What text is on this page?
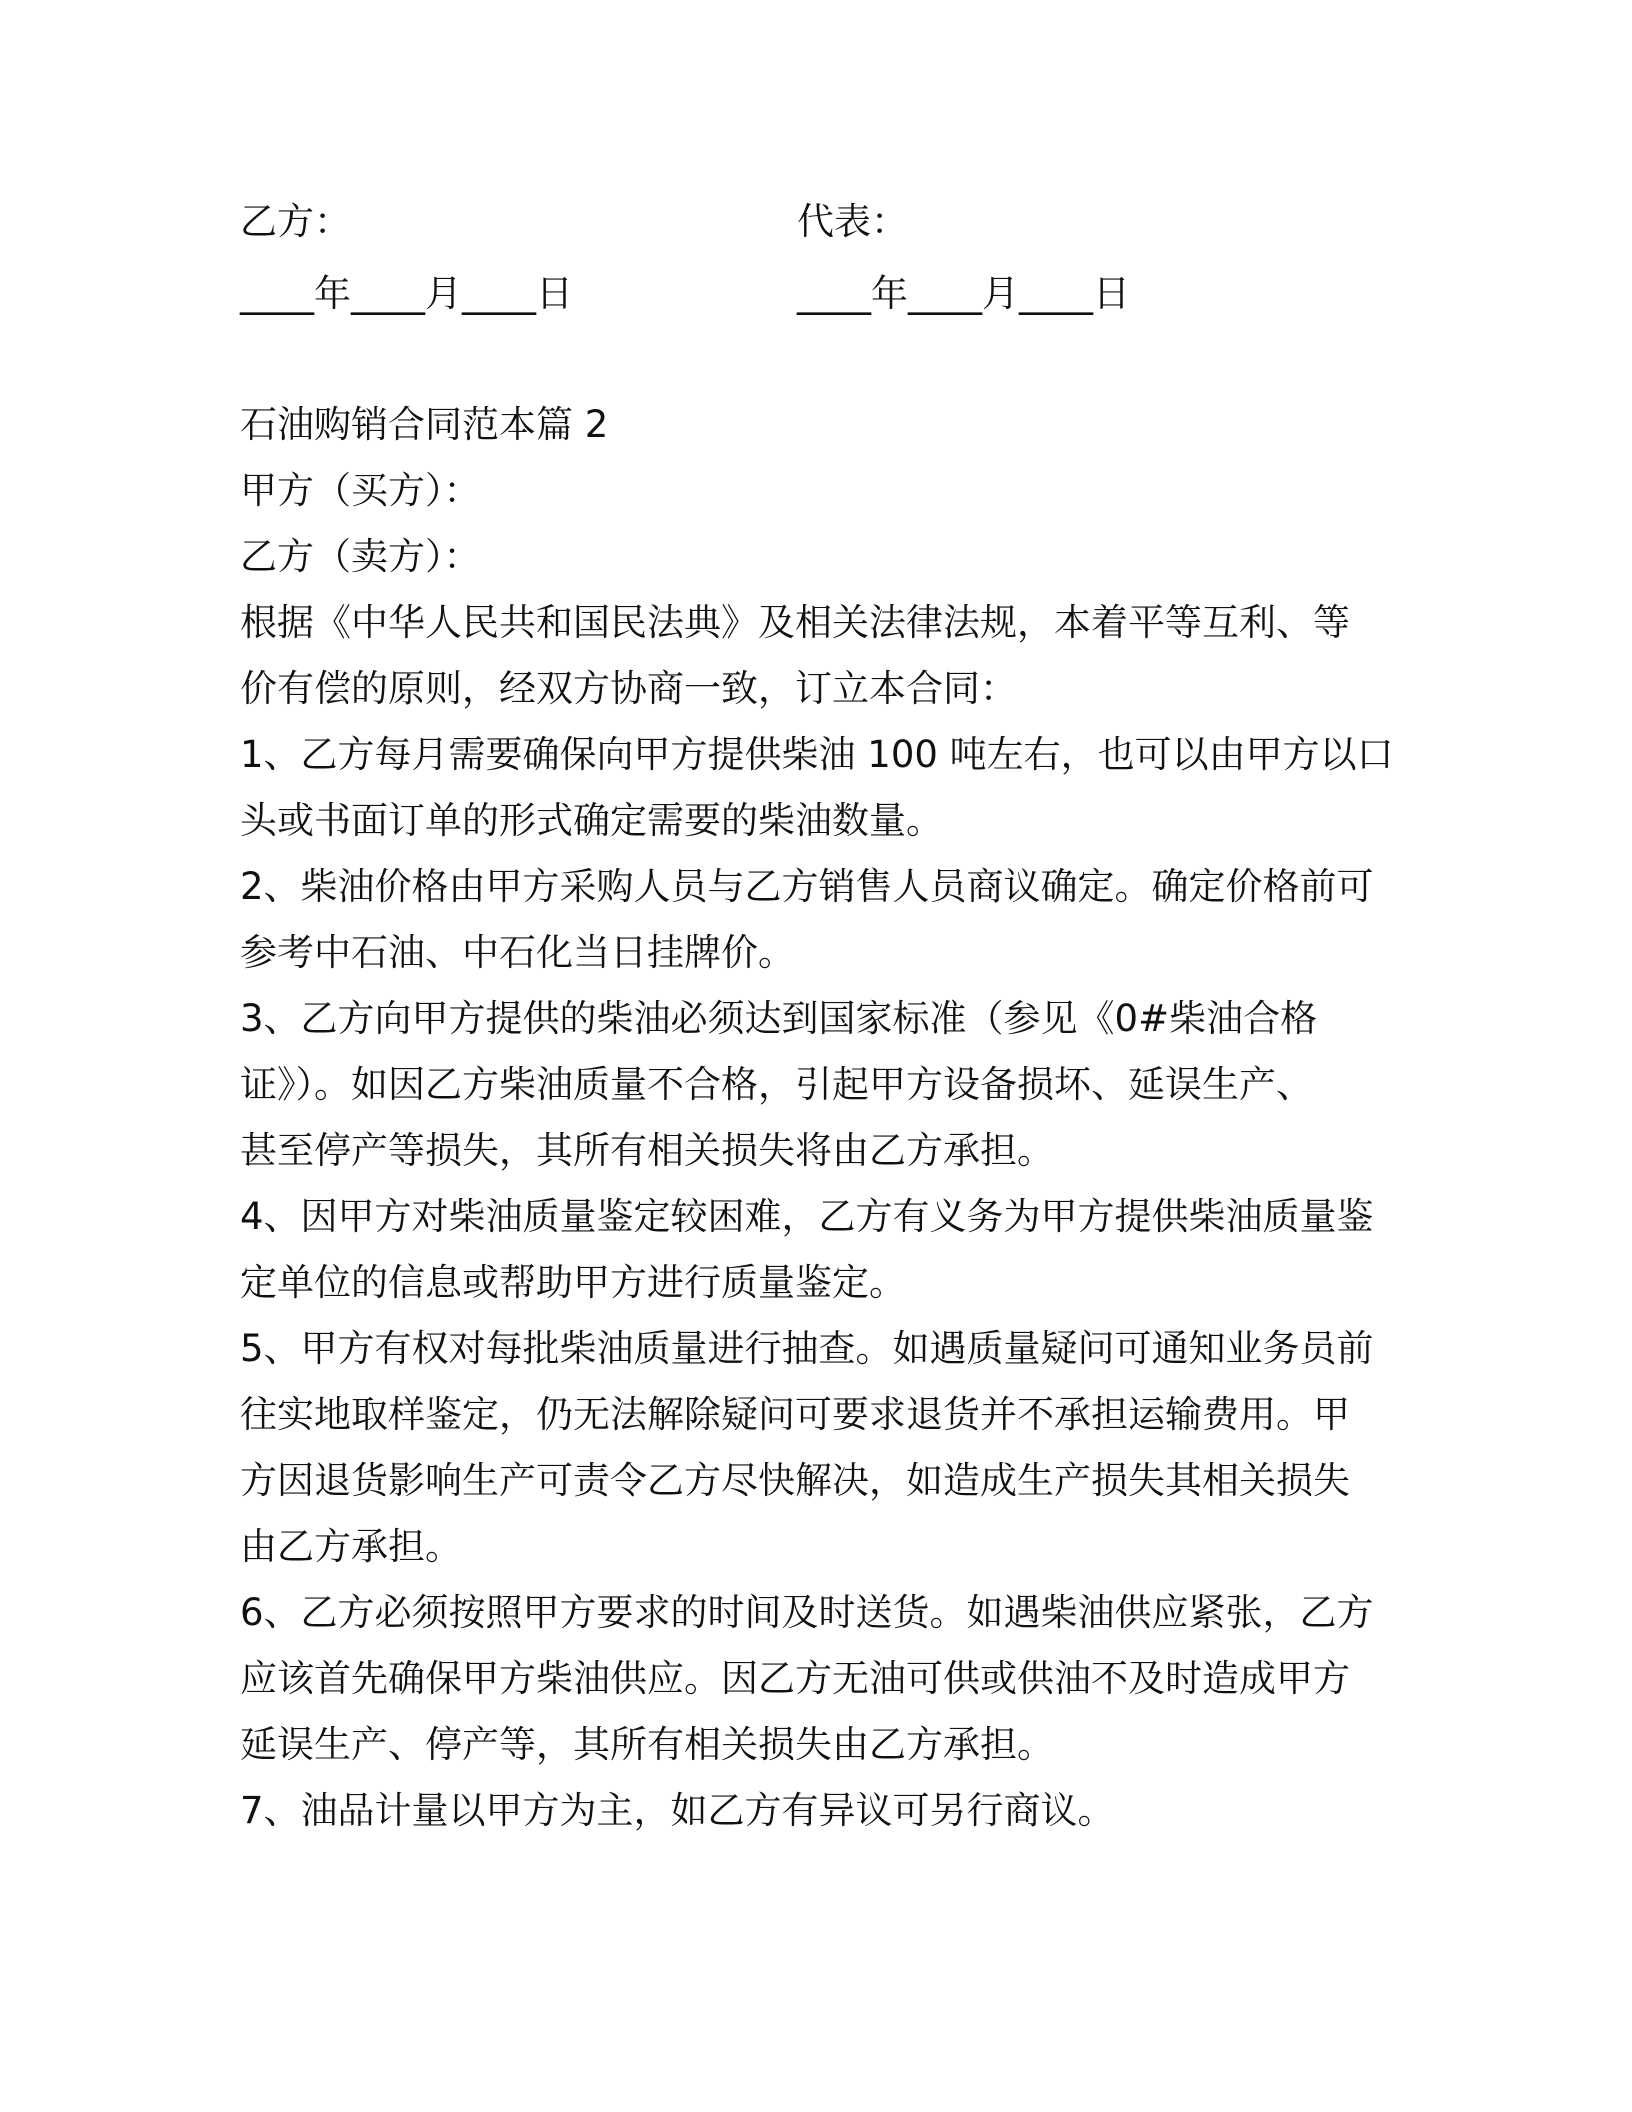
乙方：	代表：
____年____月____日	____年____月____日
石油购销合同范本篇 2
甲方（买方）：
乙方（卖方）：

根据《中华人民共和国民法典》及相关法律法规，本着平等互利、等
价有偿的原则，经双方协商一致，订立本合同：

1、乙方每月需要确保向甲方提供柴油 100 吨左右，也可以由甲方以口
头或书面订单的形式确定需要的柴油数量。

2、柴油价格由甲方采购人员与乙方销售人员商议确定。确定价格前可
参考中石油、中石化当日挂牌价。

3、乙方向甲方提供的柴油必须达到国家标准（参见《0#柴油合格
证》）。如因乙方柴油质量不合格，引起甲方设备损坏、延误生产、
甚至停产等损失，其所有相关损失将由乙方承担。

4、因甲方对柴油质量鉴定较困难，乙方有义务为甲方提供柴油质量鉴
定单位的信息或帮助甲方进行质量鉴定。

5、甲方有权对每批柴油质量进行抽查。如遇质量疑问可通知业务员前
往实地取样鉴定，仍无法解除疑问可要求退货并不承担运输费用。甲
方因退货影响生产可责令乙方尽快解决，如造成生产损失其相关损失
由乙方承担。

6、乙方必须按照甲方要求的时间及时送货。如遇柴油供应紧张，乙方
应该首先确保甲方柴油供应。因乙方无油可供或供油不及时造成甲方
延误生产、停产等，其所有相关损失由乙方承担。

7、油品计量以甲方为主，如乙方有异议可另行商议。
